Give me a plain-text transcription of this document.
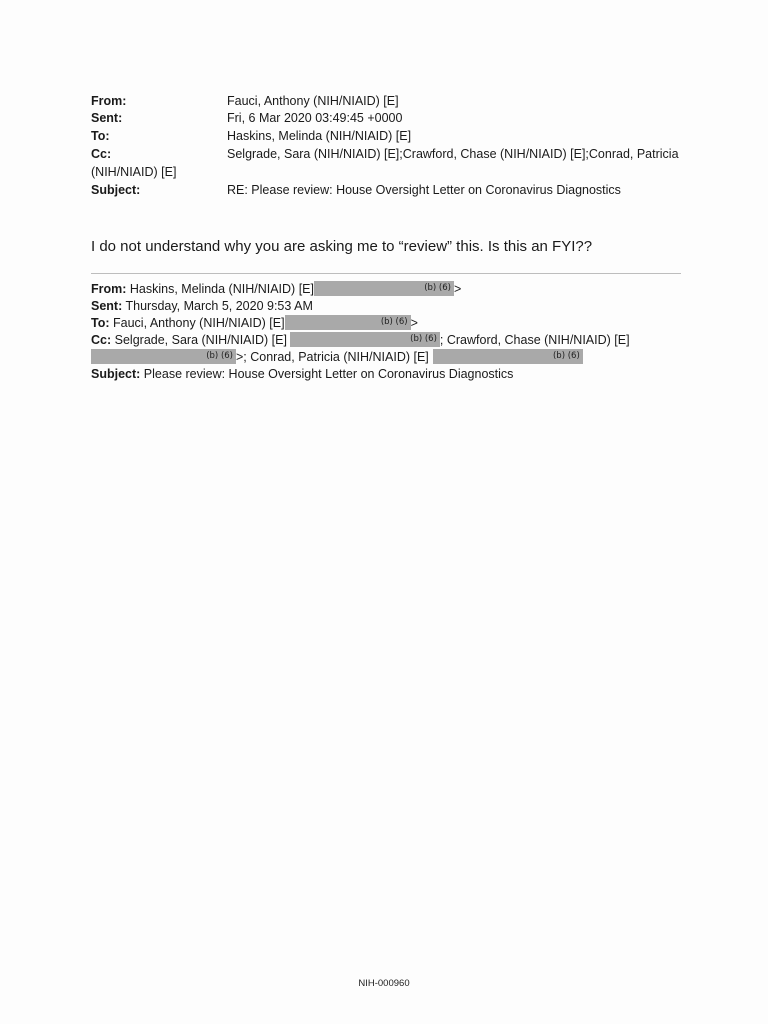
From:	Fauci, Anthony (NIH/NIAID) [E]
Sent:	Fri, 6 Mar 2020 03:49:45 +0000
To:	Haskins, Melinda (NIH/NIAID) [E]
Cc:	Selgrade, Sara (NIH/NIAID) [E];Crawford, Chase (NIH/NIAID) [E];Conrad, Patricia
(NIH/NIAID) [E]
Subject:	RE: Please review: House Oversight Letter on Coronavirus Diagnostics
I do not understand why you are asking me to “review” this. Is this an FYI??
From: Haskins, Melinda (NIH/NIAID) [E]	(b) (6) >
Sent: Thursday, March 5, 2020 9:53 AM
To: Fauci, Anthony (NIH/NIAID) [E]	(b) (6) >
Cc: Selgrade, Sara (NIH/NIAID) [E]	(b) (6) ; Crawford, Chase (NIH/NIAID) [E]
(b) (6) >; Conrad, Patricia (NIH/NIAID) [E]	(b) (6)
Subject: Please review: House Oversight Letter on Coronavirus Diagnostics
NIH-000960
